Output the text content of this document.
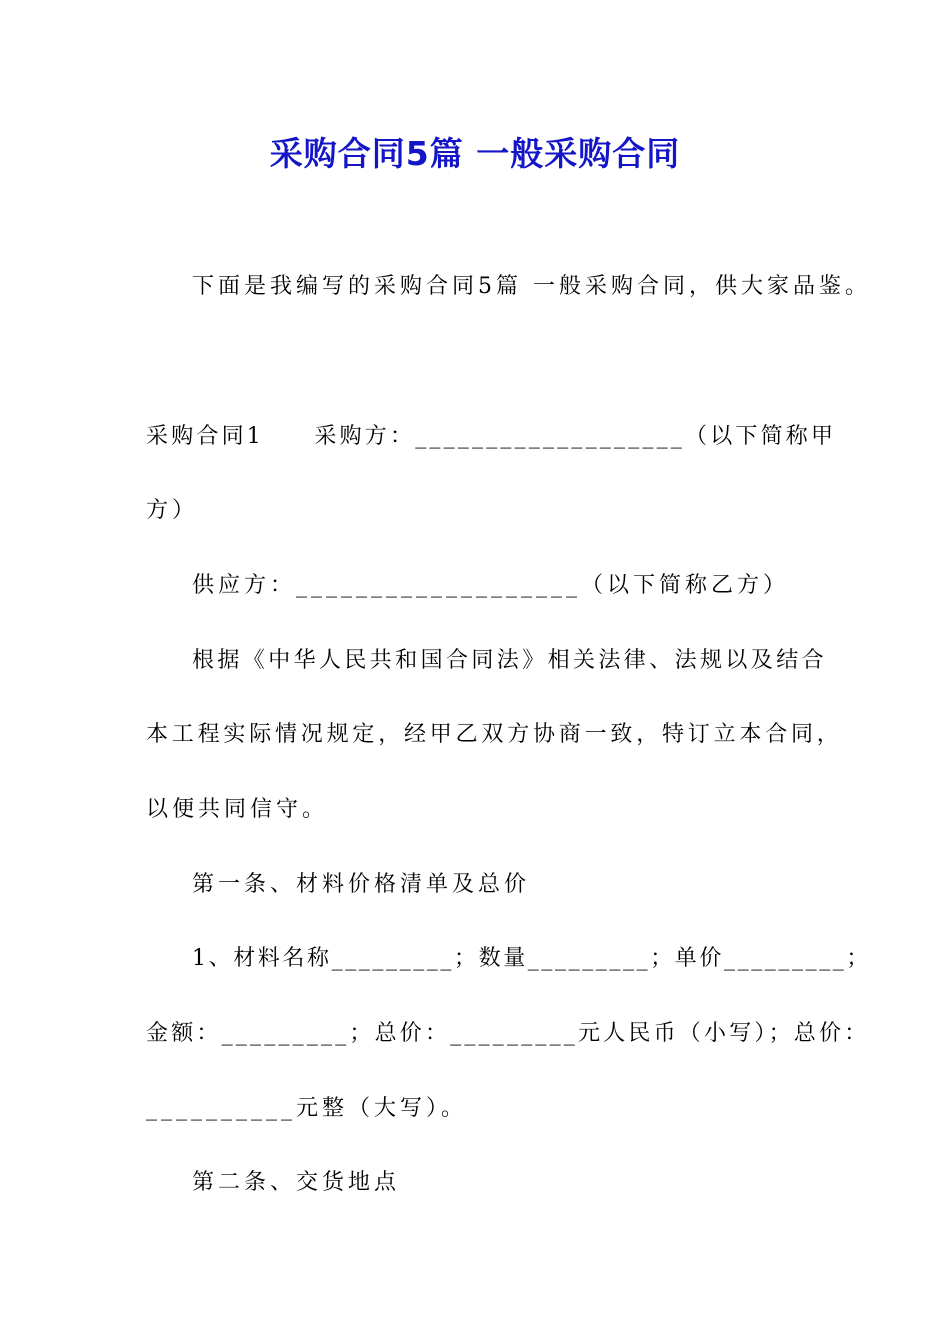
采购合同5篇 一般采购合同
下面是我编写的采购合同5篇 一般采购合同，供大家品鉴。
采购合同1　　采购方：___________________（以下简称甲
方）
供应方：___________________（以下简称乙方）
根据《中华人民共和国合同法》相关法律、法规以及结合
本工程实际情况规定，经甲乙双方协商一致，特订立本合同，
以便共同信守。
第一条、材料价格清单及总价
1、材料名称_________；数量_________；单价_________；
金额：_________；总价：_________元人民币（小写）；总价：
__________元整（大写）。
第二条、交货地点
